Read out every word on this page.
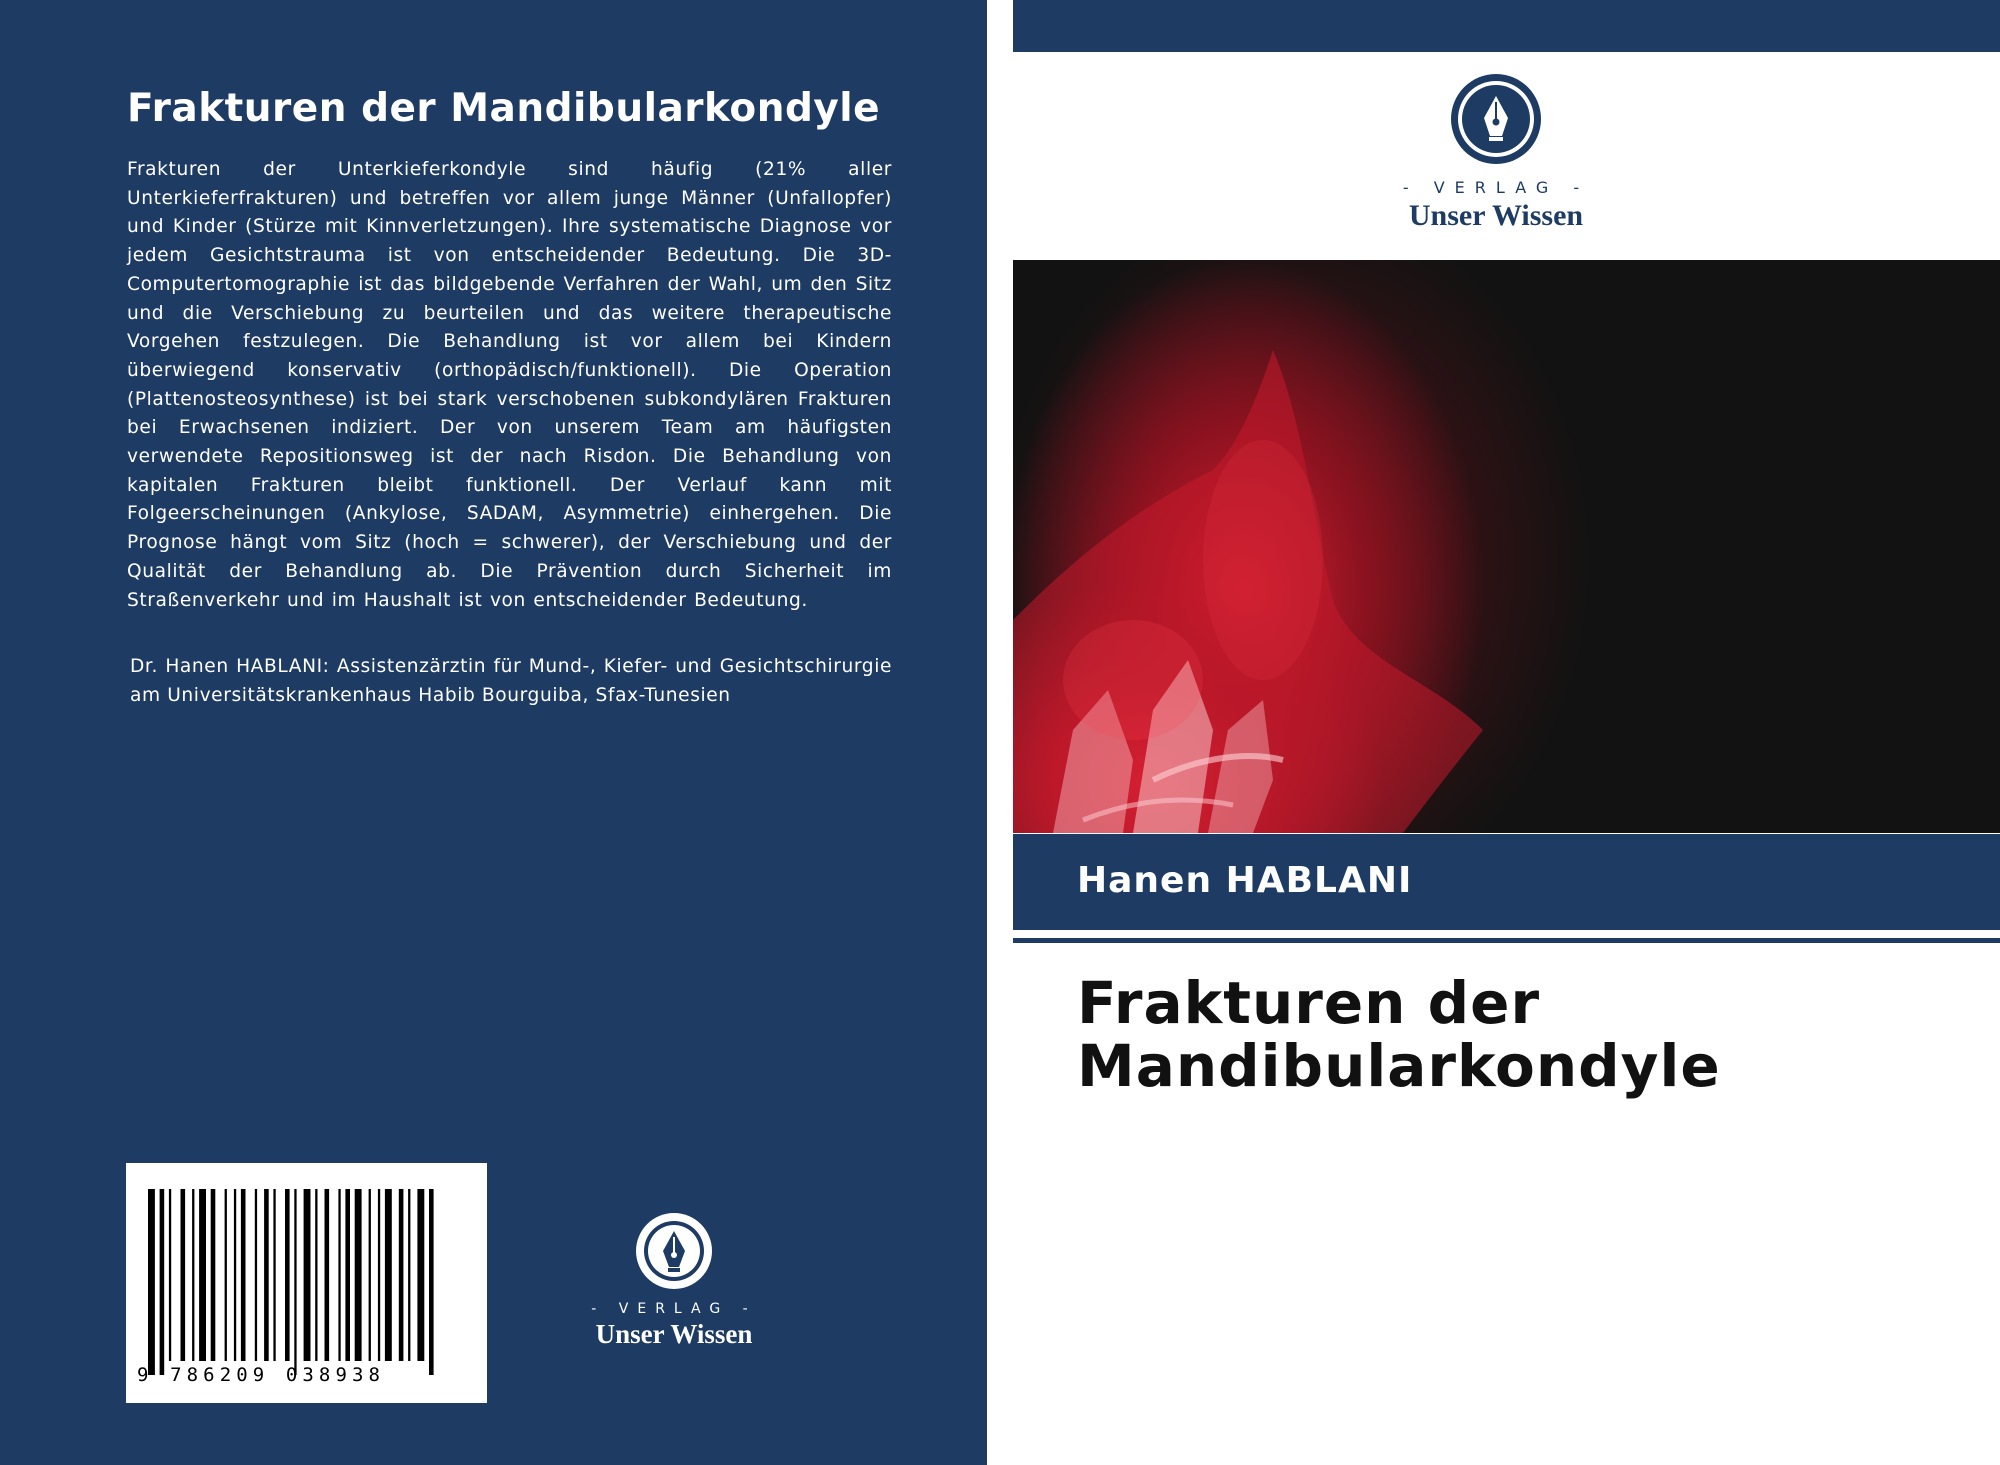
Frakturen der Mandibularkondyle

Frakturen der Unterkieferkondyle sind häufig (21% aller Unterkieferfrakturen) und betreffen vor allem junge Männer (Unfallopfer) und Kinder (Stürze mit Kinnverletzungen). Ihre systematische Diagnose vor jedem Gesichtstrauma ist von entscheidender Bedeutung. Die 3D-Computertomographie ist das bildgebende Verfahren der Wahl, um den Sitz und die Verschiebung zu beurteilen und das weitere therapeutische Vorgehen festzulegen. Die Behandlung ist vor allem bei Kindern überwiegend konservativ (orthopädisch/funktionell). Die Operation (Plattenosteosynthese) ist bei stark verschobenen subkondylären Frakturen bei Erwachsenen indiziert. Der von unserem Team am häufigsten verwendete Repositionsweg ist der nach Risdon. Die Behandlung von kapitalen Frakturen bleibt funktionell. Der Verlauf kann mit Folgeerscheinungen (Ankylose, SADAM, Asymmetrie) einhergehen. Die Prognose hängt vom Sitz (hoch = schwerer), der Verschiebung und der Qualität der Behandlung ab. Die Prävention durch Sicherheit im Straßenverkehr und im Haushalt ist von entscheidender Bedeutung.

Dr. Hanen HABLANI: Assistenzärztin für Mund-, Kiefer- und Gesichtschirurgie am Universitätskrankenhaus Habib Bourguiba, Sfax-Tunesien

9 786209 038938
- VERLAG -
Unser Wissen
- VERLAG -
Unser Wissen

Hanen HABLANI

Frakturen der
Mandibularkondyle
